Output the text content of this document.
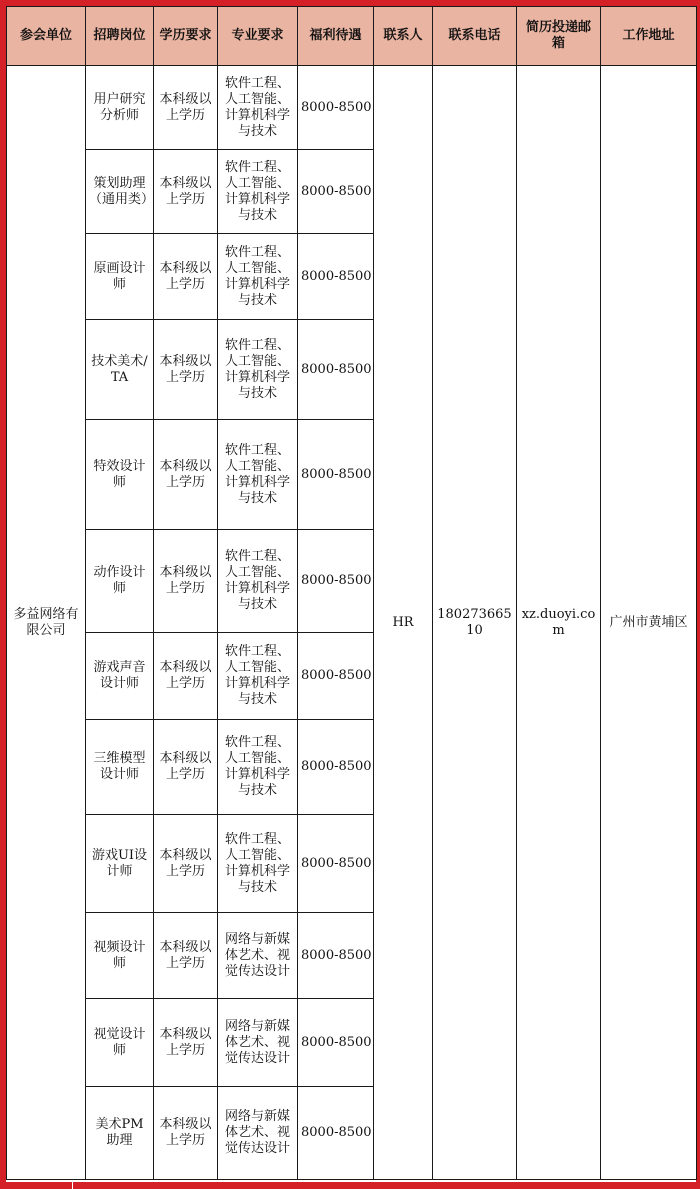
参会单位	招聘岗位	学历要求	专业要求	福利待遇	联系人	联系电话	简历投递邮箱	工作地址
多益网络有限公司	用户研究分析师	本科级以上学历	软件工程、人工智能、计算机科学与技术	8000-8500	HR	18027366510	xz.duoyi.com	广州市黄埔区
	策划助理（通用类）	本科级以上学历	软件工程、人工智能、计算机科学与技术	8000-8500				
	原画设计师	本科级以上学历	软件工程、人工智能、计算机科学与技术	8000-8500				
	技术美术/TA	本科级以上学历	软件工程、人工智能、计算机科学与技术	8000-8500				
	特效设计师	本科级以上学历	软件工程、人工智能、计算机科学与技术	8000-8500				
	动作设计师	本科级以上学历	软件工程、人工智能、计算机科学与技术	8000-8500				
	游戏声音设计师	本科级以上学历	软件工程、人工智能、计算机科学与技术	8000-8500				
	三维模型设计师	本科级以上学历	软件工程、人工智能、计算机科学与技术	8000-8500				
	游戏UI设计师	本科级以上学历	软件工程、人工智能、计算机科学与技术	8000-8500				
	视频设计师	本科级以上学历	网络与新媒体艺术、视觉传达设计	8000-8500				
	视觉设计师	本科级以上学历	网络与新媒体艺术、视觉传达设计	8000-8500				
	美术PM助理	本科级以上学历	网络与新媒体艺术、视觉传达设计	8000-8500				
